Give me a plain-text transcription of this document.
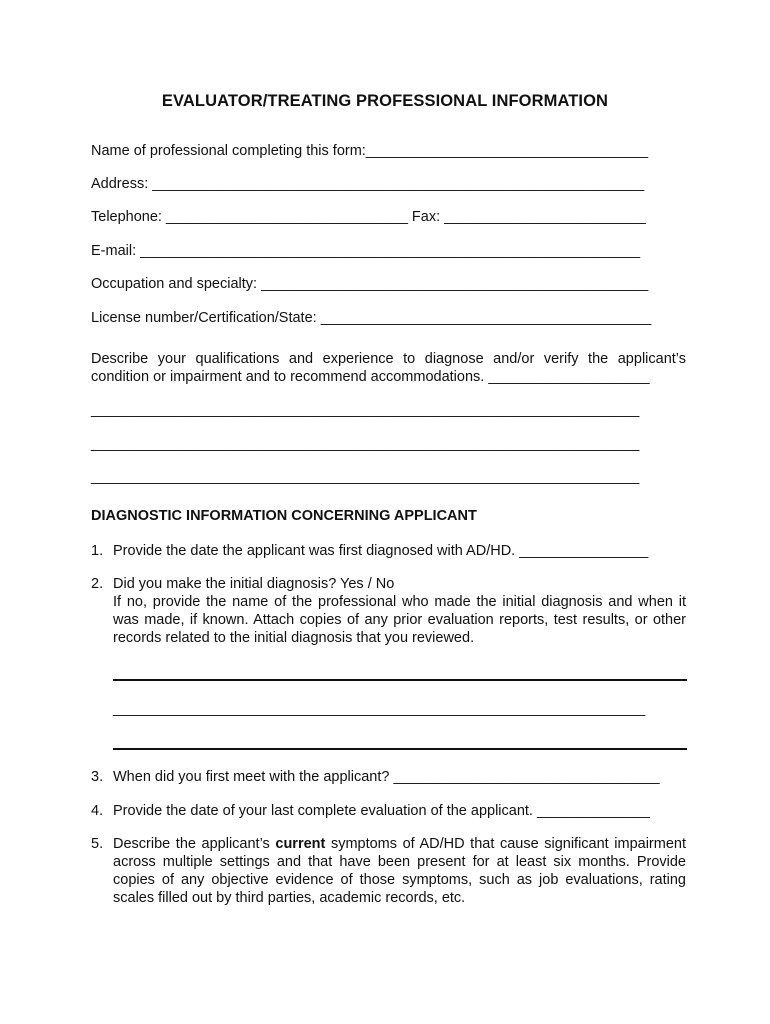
EVALUATOR/TREATING PROFESSIONAL INFORMATION
Name of professional completing this form:___________________________________
Address: _____________________________________________________________
Telephone: ______________________________ Fax: _________________________
E-mail: ______________________________________________________________
Occupation and specialty: ________________________________________________
License number/Certification/State: _________________________________________
Describe your qualifications and experience to diagnose and/or verify the applicant’s condition or impairment and to recommend accommodations. ____________________
____________________________________________________________________
____________________________________________________________________
____________________________________________________________________
DIAGNOSTIC INFORMATION CONCERNING APPLICANT
1. Provide the date the applicant was first diagnosed with AD/HD. ________________
2. Did you make the initial diagnosis? Yes / No
If no, provide the name of the professional who made the initial diagnosis and when it was made, if known. Attach copies of any prior evaluation reports, test results, or other records related to the initial diagnosis that you reviewed.
__________________________________________________________________
3. When did you first meet with the applicant? _________________________________
4. Provide the date of your last complete evaluation of the applicant. ______________
5. Describe the applicant’s current symptoms of AD/HD that cause significant impairment across multiple settings and that have been present for at least six months. Provide copies of any objective evidence of those symptoms, such as job evaluations, rating scales filled out by third parties, academic records, etc.
